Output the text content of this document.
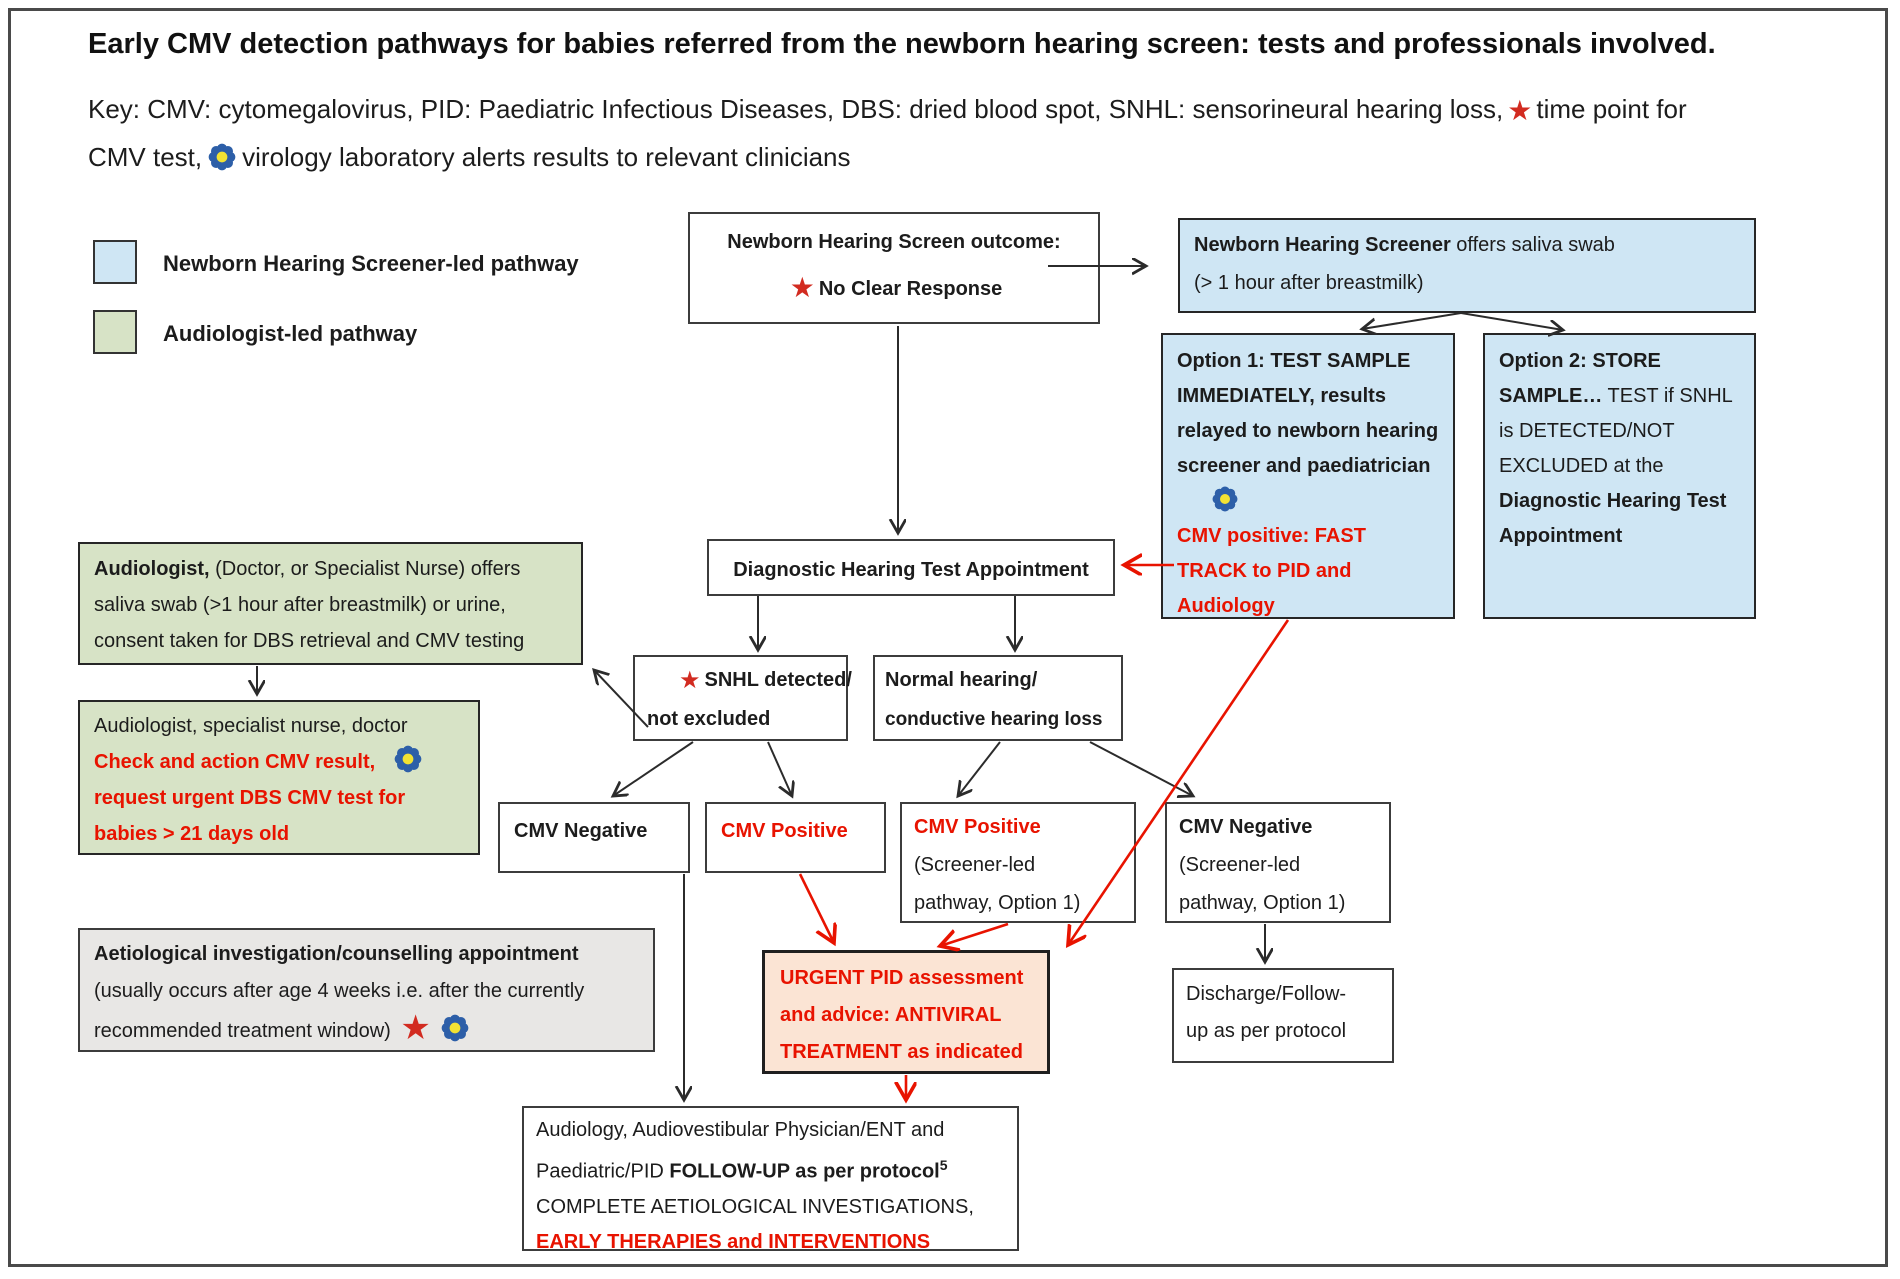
Early CMV detection pathways for babies referred from the newborn hearing screen: tests and professionals involved.
Key: CMV: cytomegalovirus, PID: Paediatric Infectious Diseases, DBS: dried blood spot, SNHL: sensorineural hearing loss, ★ time point for
CMV test, virology laboratory alerts results to relevant clinicians
Newborn Hearing Screener-led pathway
Audiologist-led pathway
Newborn Hearing Screen outcome:
★ No Clear Response
Newborn Hearing Screener offers saliva swab
(> 1 hour after breastmilk)
Option 1: TEST SAMPLE IMMEDIATELY, results relayed to newborn hearing screener and paediatrician
CMV positive: FAST TRACK to PID and Audiology
Option 2: STORE SAMPLE… TEST if SNHL is DETECTED/NOT EXCLUDED at the Diagnostic Hearing Test Appointment
Diagnostic Hearing Test Appointment
Audiologist, (Doctor, or Specialist Nurse) offers saliva swab (>1 hour after breastmilk) or urine, consent taken for DBS retrieval and CMV testing
Audiologist, specialist nurse, doctor
Check and action CMV result,
request urgent DBS CMV test for babies > 21 days old
Aetiological investigation/counselling appointment (usually occurs after age 4 weeks i.e. after the currently recommended treatment window) ★
★ SNHL detected/
not excluded
Normal hearing/
conductive hearing loss
CMV Negative	CMV Positive	CMV Positive
(Screener-led
pathway, Option 1)
CMV Negative
(Screener-led
pathway, Option 1)
Discharge/Follow-
up as per protocol
URGENT PID assessment
and advice: ANTIVIRAL
TREATMENT as indicated
Audiology, Audiovestibular Physician/ENT and
Paediatric/PID FOLLOW-UP as per protocol$^5$
COMPLETE AETIOLOGICAL INVESTIGATIONS,
EARLY THERAPIES and INTERVENTIONS
